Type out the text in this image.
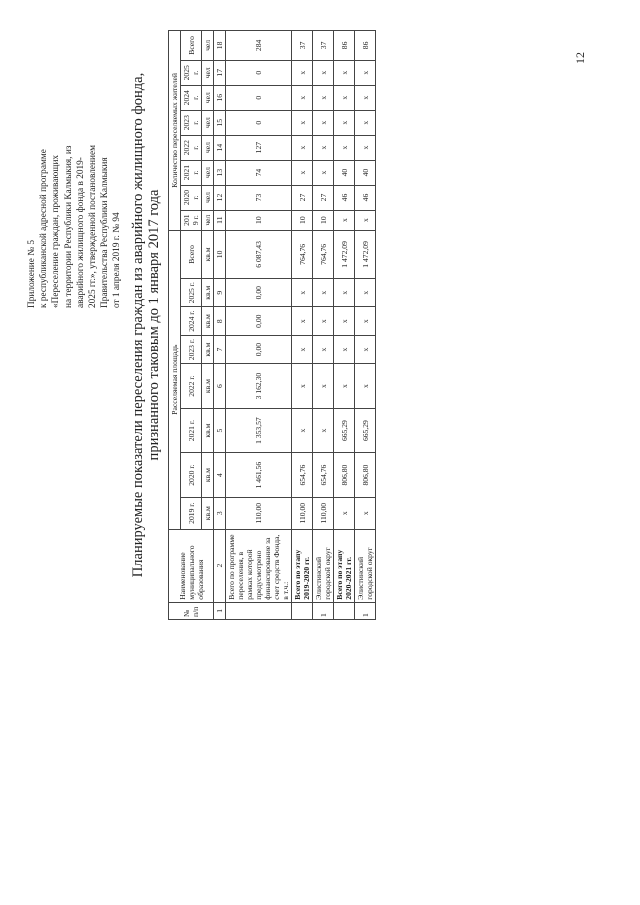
12
Приложение № 5 к республиканской адресной программе «Переселение граждан, проживающих на территории Республики Калмыкия, из аварийного жилищного фонда в 2019- 2025 гг.», утвержденной постановлением Правительства Республики Калмыкия от 1 апреля 2019 г. № 94 Планируемые показатели переселения граждан из аварийного жилищного фонда, признанного таковым до 1 января 2017 года
№ п/п	Наименование муниципального образования	Расселяемая площадь								Количество переселяемых жителей							
		2019 г.	2020 г.	2021 г.	2022 г.	2023 г.	2024 г.	2025 г.	Всего	201 9 г.	2020 г.	2021 г.	2022 г.	2023 г.	2024 г.	2025 г.	Всего
		кв.м	кв.м	кв.м	кв.м	кв.м	кв.м	кв.м	кв.м	чел	чел	чел	чел	чел	чел	чел	чел
1	2	3	4	5	6	7	8	9	10	11	12	13	14	15	16	17	18
	Всего по программе переселения, в рамках которой предусмотрено финансирование за счет средств Фонда, в т.ч.:	110,00	1 461,56	1 353,57	3 162,30	0,00	0,00	0,00	6 087,43	10	73	74	127	0	0	0	284
	Всего по этапу 2019-2020 гг.	110,00	654,76	х	х	х	х	х	764,76	10	27	х	х	х	х	х	37
1	Элистинский городской округ	110,00	654,76	х	х	х	х	х	764,76	10	27	х	х	х	х	х	37
	Всего по этапу 2020-2021 гг.	х	806,80	665,29	х	х	х	х	1 472,09	х	46	40	х	х	х	х	86
1	Элистинский городской округ	х	806,80	665,29	х	х	х	х	1 472,09	х	46	40	х	х	х	х	86
